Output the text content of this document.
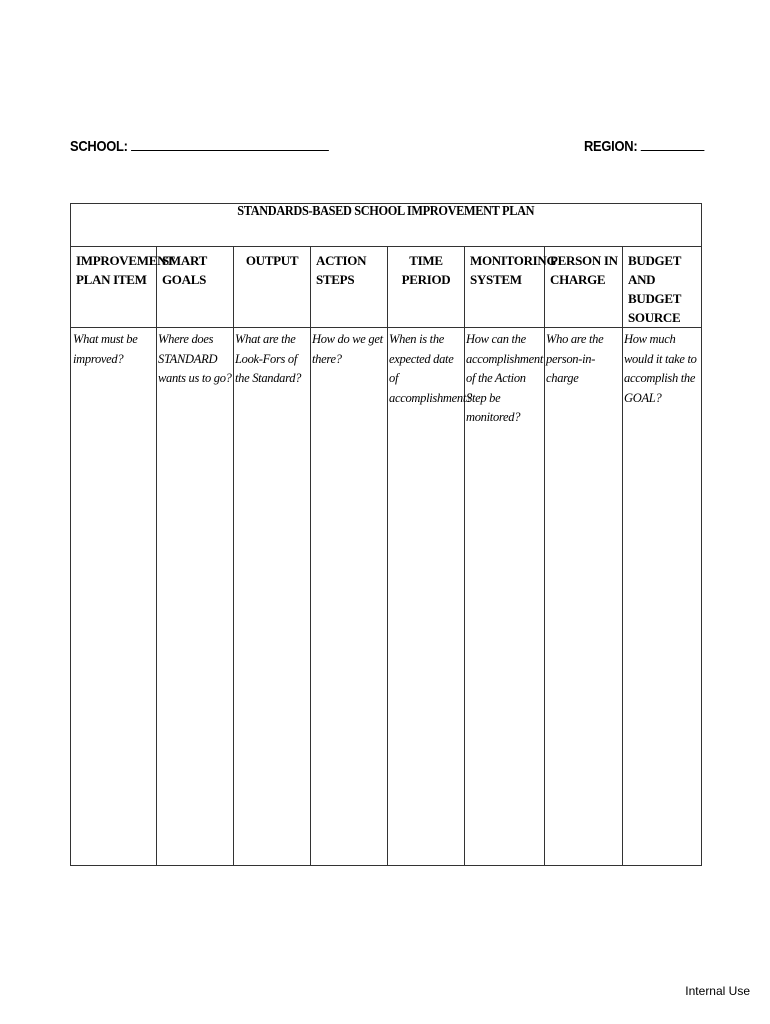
SCHOOL:	REGION:
STANDARDS-BASED SCHOOL IMPROVEMENT PLAN							
IMPROVEMENT PLAN ITEM	SMART GOALS	OUTPUT	ACTION STEPS	TIME PERIOD	MONITORING SYSTEM	PERSON IN CHARGE	BUDGET AND BUDGET SOURCE
What must be improved?	Where does STANDARD wants us to go?	What are the Look-Fors of the Standard?	How do we get there?	When is the expected date of accomplishment?	How can the accomplishment of the Action Step be monitored?	Who are the person-in-charge	How much would it take to accomplish the GOAL?
Internal Use
